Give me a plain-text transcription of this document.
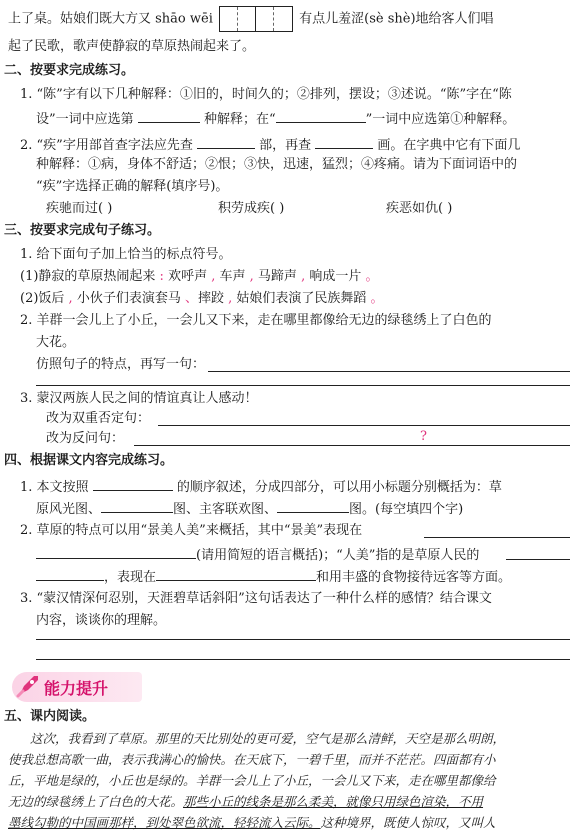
上了桌。姑娘们既大方又 shāo wēi	有点儿羞涩(sè shè)地给客人们唱
起了民歌，歌声使静寂的草原热闹起来了。
二、按要求完成练习。
1. “陈”字有以下几种解释：①旧的，时间久的；②排列，摆设；③述说。“陈”字在“陈
设”一词中应选第	种解释；在“	”一词中应选第①种解释。
2. “疾”字用部首查字法应先查	部，再查	画。在字典中它有下面几
种解释：①病，身体不舒适；②恨；③快，迅速，猛烈；④疼痛。请为下面词语中的
“疾”字选择正确的解释(填序号)。
疾驰而过( )	积劳成疾( )	疾恶如仇( )
三、按要求完成句子练习。
1. 给下面句子加上恰当的标点符号。
(1)静寂的草原热闹起来 : 欢呼声 , 车声 , 马蹄声 , 响成一片 。
(2)饭后 , 小伙子们表演套马 、摔跤 , 姑娘们表演了民族舞蹈 。
2. 羊群一会儿上了小丘，一会儿又下来，走在哪里都像给无边的绿毯绣上了白色的
大花。
仿照句子的特点，再写一句：
3. 蒙汉两族人民之间的情谊真让人感动！
改为双重否定句：
改为反问句：	?
四、根据课文内容完成练习。
1. 本文按照	的顺序叙述，分成四部分，可以用小标题分别概括为：草
原风光图、	图、主客联欢图、	图。(每空填四个字)
2. 草原的特点可以用“景美人美”来概括，其中“景美”表现在
(请用简短的语言概括)；“人美”指的是草原人民的
，表现在	和用丰盛的食物接待远客等方面。
3. “蒙汉情深何忍别，天涯碧草话斜阳”这句话表达了一种什么样的感情？结合课文
内容，谈谈你的理解。
能力提升
五、课内阅读。
这次，我看到了草原。那里的天比别处的更可爱，空气是那么清鲜，天空是那么明朗，
使我总想高歌一曲，表示我满心的愉快。在天底下，一碧千里，而并不茫茫。四面都有小
丘，平地是绿的，小丘也是绿的。羊群一会儿上了小丘，一会儿又下来，走在哪里都像给
无边的绿毯绣上了白色的大花。那些小丘的线条是那么柔美，就像只用绿色渲染，不用
墨线勾勒的中国画那样，到处翠色欲流，轻轻流入云际。这种境界，既使人惊叹，又叫人
